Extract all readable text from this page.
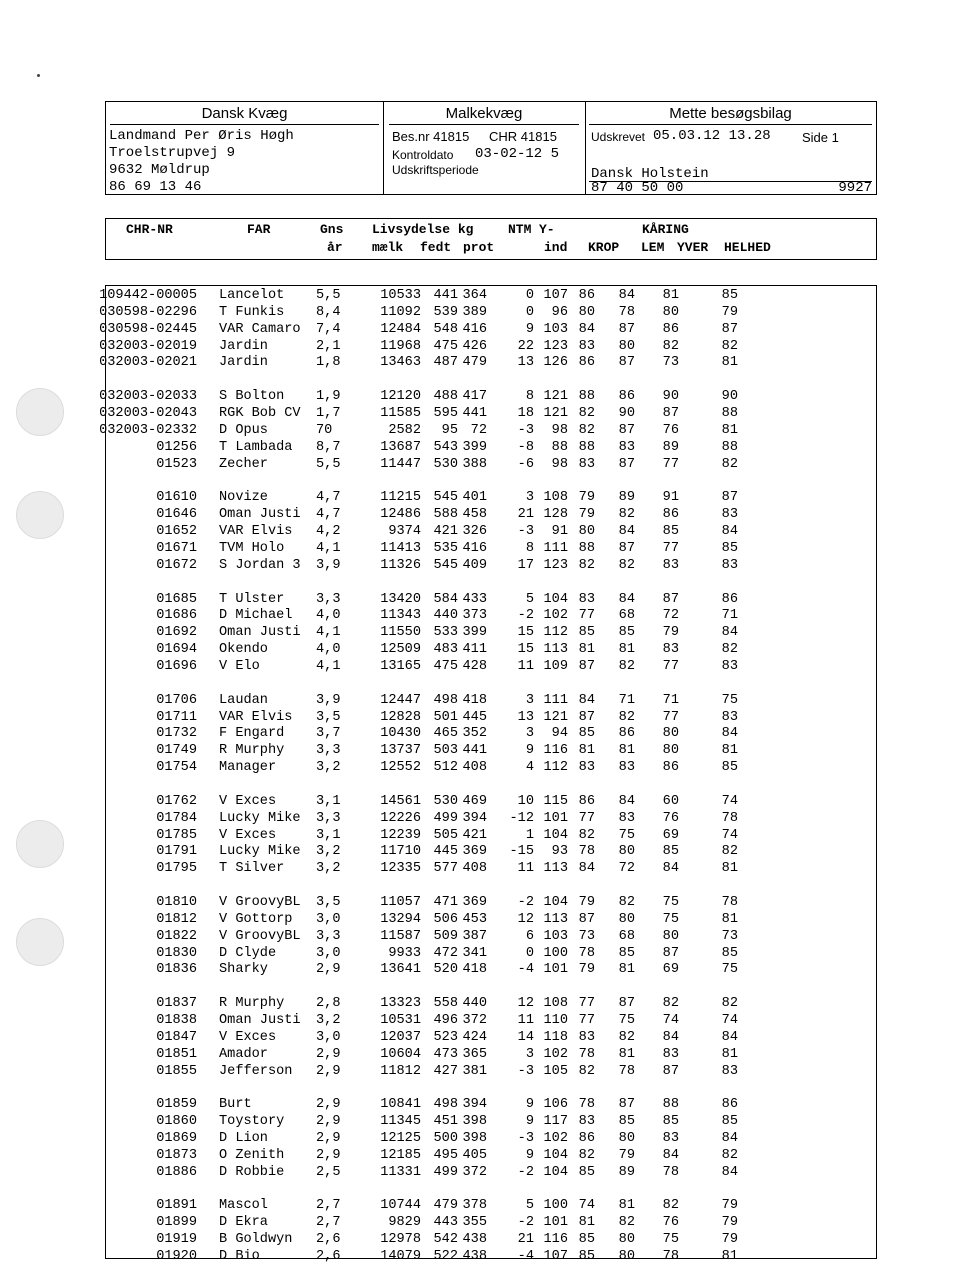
Dansk Kvæg
Landmand Per Øris Høgh
Troelstrupvej 9
9632 Møldrup
86 69 13 46
Malkekvæg
Bes.nr 41815 CHR 41815
Kontroldato 03-02-12 5
Udskriftsperiode
Mette besøgsbilag
Udskrevet 05.03.12 13.28 Side 1
Dansk Holstein
87 40 50 00	9927
CHR-NR	FAR	Gns
år
Livsydelse kg
mælk fedt prot
NTM Y-
ind
KÅRING
KROP LEM YVER HELHED
109442-00005 Lancelot 5,5	10533 441 364	0 107 86 84 81	85
030598-02296 T Funkis 8,4	11092 539 389	0 96 80 78 80	79
030598-02445 VAR Camaro 7,4	12484 548 416	9 103 84 87 86	87
032003-02019 Jardin	2,1	11968 475 426 22 123 83 80 82	82
032003-02021 Jardin	1,8	13463 487 479 13 126 86 87 73	81
032003-02033 S Bolton 1,9	12120 488 417	8 121 88 86 90	90
032003-02043 RGK Bob CV 1,7	11585 595 441 18 121 82 90 87	88
032003-02332 D Opus	70	2582 95 72 -3 98 82 87 76	81
01256 T Lambada 8,7	13687 543 399 -8 88 88 83 89	88
01523 Zecher	5,5	11447 530 388 -6 98 83 87 77	82
01610 Novize	4,7	11215 545 401	3 108 79 89 91	87
01646 Oman Justi 4,7	12486 588 458 21 128 79 82 86	83
01652 VAR Elvis 4,2	9374 421 326 -3 91 80 84 85	84
01671 TVM Holo 4,1	11413 535 416	8 111 88 87 77	85
01672 S Jordan 3 3,9	11326 545 409 17 123 82 82 83	83
01685 T Ulster 3,3	13420 584 433	5 104 83 84 87	86
01686 D Michael 4,0	11343 440 373 -2 102 77 68 72	71
01692 Oman Justi 4,1	11550 533 399 15 112 85 85 79	84
01694 Okendo	4,0	12509 483 411 15 113 81 81 83	82
01696 V Elo	4,1	13165 475 428 11 109 87 82 77	83
01706 Laudan	3,9	12447 498 418	3 111 84 71 71	75
01711 VAR Elvis 3,5	12828 501 445 13 121 87 82 77	83
01732 F Engard 3,7	10430 465 352	3 94 85 86 80	84
01749 R Murphy 3,3	13737 503 441	9 116 81 81 80	81
01754 Manager	3,2	12552 512 408	4 112 83 83 86	85
01762 V Exces	3,1	14561 530 469 10 115 86 84 60	74
01784 Lucky Mike 3,3	12226 499 394 -12 101 77 83 76	78
01785 V Exces	3,1	12239 505 421	1 104 82 75 69	74
01791 Lucky Mike 3,2	11710 445 369 -15 93 78 80 85	82
01795 T Silver 3,2	12335 577 408 11 113 84 72 84	81
01810 V GroovyBL 3,5	11057 471 369 -2 104 79 82 75	78
01812 V Gottorp 3,0	13294 506 453 12 113 87 80 75	81
01822 V GroovyBL 3,3	11587 509 387	6 103 73 68 80	73
01830 D Clyde	3,0	9933 472 341	0 100 78 85 87	85
01836 Sharky	2,9	13641 520 418 -4 101 79 81 69	75
01837 R Murphy 2,8	13323 558 440 12 108 77 87 82	82
01838 Oman Justi 3,2	10531 496 372 11 110 77 75 74	74
01847 V Exces	3,0	12037 523 424 14 118 83 82 84	84
01851 Amador	2,9	10604 473 365	3 102 78 81 83	81
01855 Jefferson 2,9	11812 427 381 -3 105 82 78 87	83
01859 Burt	2,9	10841 498 394	9 106 78 87 88	86
01860 Toystory 2,9	11345 451 398	9 117 83 85 85	85
01869 D Lion	2,9	12125 500 398 -3 102 86 80 83	84
01873 O Zenith 2,9	12185 495 405	9 104 82 79 84	82
01886 D Robbie 2,5	11331 499 372 -2 104 85 89 78	84
01891 Mascol	2,7	10744 479 378	5 100 74 81 82	79
01899 D Ekra	2,7	9829 443 355 -2 101 81 82 76	79
01919 B Goldwyn 2,6	12978 542 438 21 116 85 80 75	79
01920 D Bio	2,6	14079 522 438 -4 107 85 80 78	81
